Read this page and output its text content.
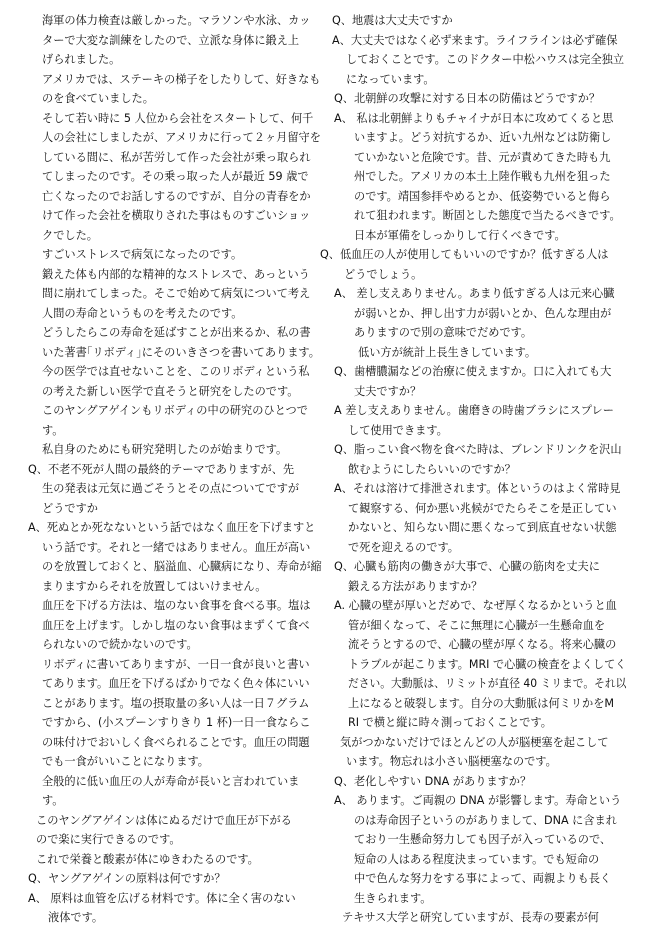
海軍の体力検査は厳しかった。マラソンや水泳、カッ
ターで大変な訓練をしたので、立派な身体に鍛え上
げられました。
アメリカでは、ステーキの梯子をしたりして、好きなも
のを食べていました。
そして若い時に 5 人位から会社をスタートして、何千
人の会社にしましたが、アメリカに行って２ヶ月留守を
している間に、私が苦労して作った会社が乗っ取られ
てしまったのです。その乗っ取った人が最近 59 歳で
亡くなったのでお話しするのですが、自分の青春をか
けて作った会社を横取りされた事はものすごいショッ
クでした。
すごいストレスで病気になったのです。
鍛えた体も内部的な精神的なストレスで、あっという
間に崩れてしまった。そこで始めて病気について考え
人間の寿命というものを考えたのです。
どうしたらこの寿命を延ばすことが出来るか、私の書
いた著書｢リボディ｣にそのいきさつを書いてあります。
今の医学では直せないことを、このリボディという私
の考えた新しい医学で直そうと研究をしたのです。
このヤングアゲインもリボディの中の研究のひとつで
す。
私自身のためにも研究発明したのが始まりです。
Q、不老不死が人間の最終的テーマでありますが、先
生の発表は元気に過ごそうとその点についてですが
どうですか
A、死ぬとか死なないという話ではなく血圧を下げますと
いう話です。それと一緒ではありません。血圧が高い
のを放置しておくと、脳溢血、心臓病になり、寿命が縮
まりますからそれを放置してはいけません。
血圧を下げる方法は、塩のない食事を食べる事。塩は
血圧を上げます。しかし塩のない食事はまずくて食べ
られないので続かないのです。
リボディに書いてありますが、一日一食が良いと書い
てあります。血圧を下げるばかりでなく色々体にいい
ことがあります。塩の摂取量の多い人は一日７グラム
ですから、(小スプーンすりきり 1 杯)一日一食ならこ
の味付けでおいしく食べられることです。血圧の問題
でも一食がいいことになります。
全般的に低い血圧の人が寿命が長いと言われていま
す。
このヤングアゲインは体にぬるだけで血圧が下がる
ので楽に実行できるのです。
これで栄養と酸素が体にゆきわたるのです。
Q、ヤングアゲインの原料は何ですか？
A、 原料は血管を広げる材料です。体に全く害のない
液体です。
Q、地震は大丈夫ですか
A、大丈夫ではなく必ず来ます。ライフラインは必ず確保
しておくことです。このドクター中松ハウスは完全独立
になっています。
Q、北朝鮮の攻撃に対する日本の防備はどうですか？
A、 私は北朝鮮よりもチャイナが日本に攻めてくると思
いますよ。どう対抗するか、近い九州などは防衛し
ていかないと危険です。昔、元が責めてきた時も九
州でした。アメリカの本土上陸作戦も九州を狙った
のです。靖国参拝やめるとか、低姿勢でいると侮ら
れて狙われます。断固とした態度で当たるべきです。
日本が軍備をしっかりして行くべきです。
Q、低血圧の人が使用してもいいのですか？低すぎる人は
どうでしょう。
A、 差し支えありません。あまり低すぎる人は元来心臓
が弱いとか、押し出す力が弱いとか、色んな理由が
ありますので別の意味でだめです。
低い方が統計上長生きしています。
Q、歯槽膿漏などの治療に使えますか。口に入れても大
丈夫ですか？
A 差し支えありません。歯磨きの時歯ブラシにスプレー
して使用できます。
Q、脂っこい食べ物を食べた時は、ブレンドリンクを沢山
飲むようにしたらいいのですか？
A、それは溶けて排泄されます。体というのはよく常時見
て観察する、何か悪い兆候がでたらそこを是正してい
かないと、知らない間に悪くなって到底直せない状態
で死を迎えるのです。
Q、心臓も筋肉の働きが大事で、心臓の筋肉を丈夫に
鍛える方法がありますか？
A. 心臓の壁が厚いとだめで、なぜ厚くなるかというと血
管が細くなって、そこに無理に心臓が一生懸命血を
流そうとするので、心臓の壁が厚くなる。将来心臓の
トラブルが起こります。MRI で心臓の検査をよくしてく
ださい。大動脈は、リミットが直径 40 ミリまで。それ以
上になると破裂します。自分の大動脈は何ミリかをM
RI で横と縦に時々測っておくことです。
気がつかないだけでほとんどの人が脳梗塞を起こして
います。物忘れは小さい脳梗塞なのです。
Q、老化しやすい DNA がありますか？
A、 あります。ご両親の DNA が影響します。寿命という
のは寿命因子というのがありまして、DNA に含まれ
ており一生懸命努力しても因子が入っているので、
短命の人はある程度決まっています。でも短命の
中で色んな努力をする事によって、両親よりも長く
生きられます。
テキサス大学と研究していますが、長寿の要素が何
